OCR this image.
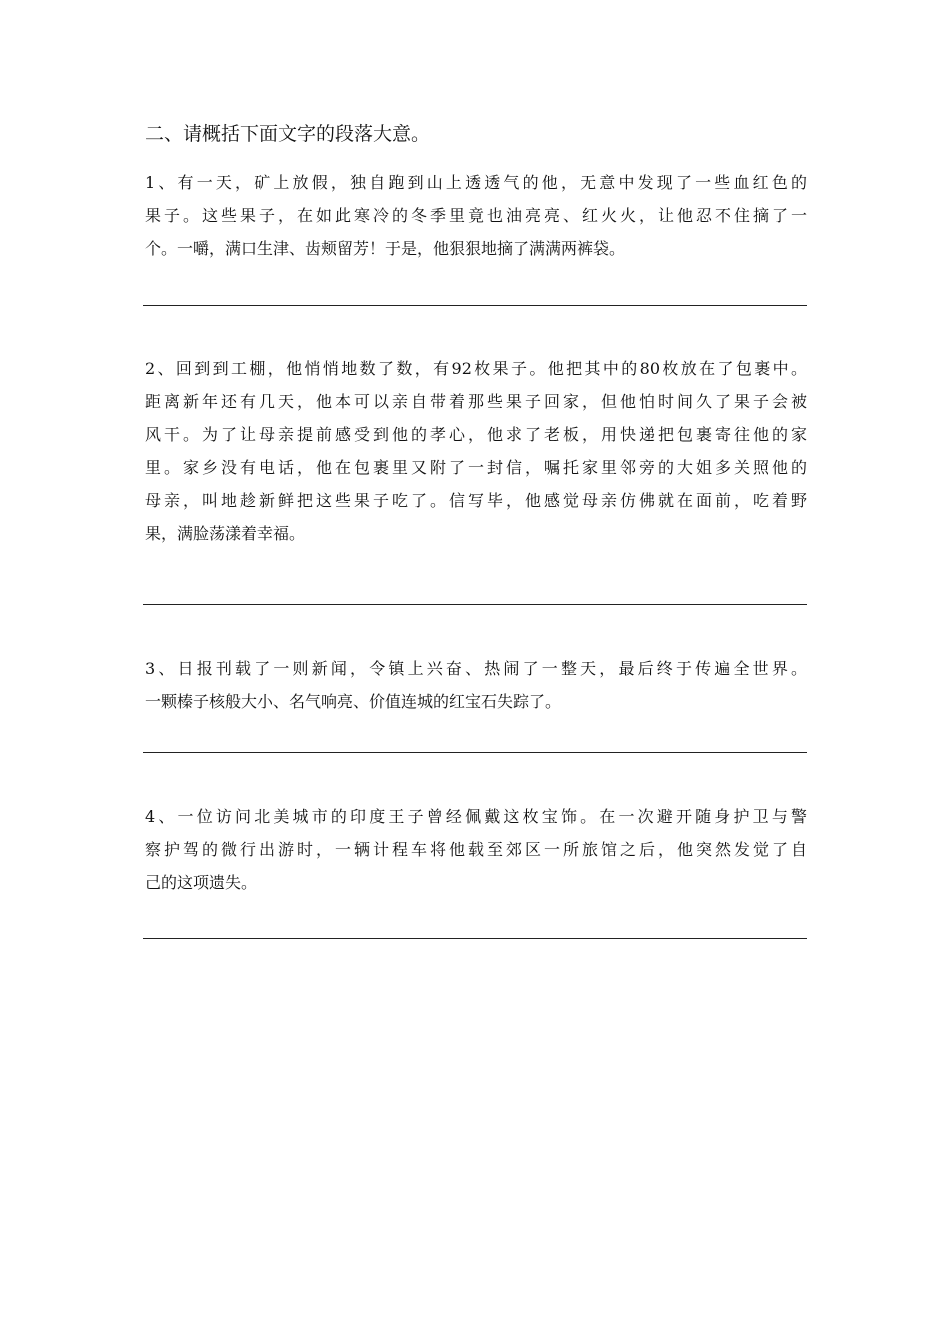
二、请概括下面文字的段落大意。
1、有一天，矿上放假，独自跑到山上透透气的他，无意中发现了一些血红色的
果子。这些果子，在如此寒冷的冬季里竟也油亮亮、红火火，让他忍不住摘了一
个。一嚼，满口生津、齿颊留芳！于是，他狠狠地摘了满满两裤袋。
2、回到到工棚，他悄悄地数了数，有92枚果子。他把其中的80枚放在了包裹中。
距离新年还有几天，他本可以亲自带着那些果子回家，但他怕时间久了果子会被
风干。为了让母亲提前感受到他的孝心，他求了老板，用快递把包裹寄往他的家
里。家乡没有电话，他在包裹里又附了一封信，嘱托家里邻旁的大姐多关照他的
母亲，叫地趁新鲜把这些果子吃了。信写毕，他感觉母亲仿佛就在面前，吃着野
果，满脸荡漾着幸福。
3、日报刊载了一则新闻，令镇上兴奋、热闹了一整天，最后终于传遍全世界。
一颗榛子核般大小、名气响亮、价值连城的红宝石失踪了。
4、一位访问北美城市的印度王子曾经佩戴这枚宝饰。在一次避开随身护卫与警
察护驾的微行出游时，一辆计程车将他载至郊区一所旅馆之后，他突然发觉了自
己的这项遗失。
